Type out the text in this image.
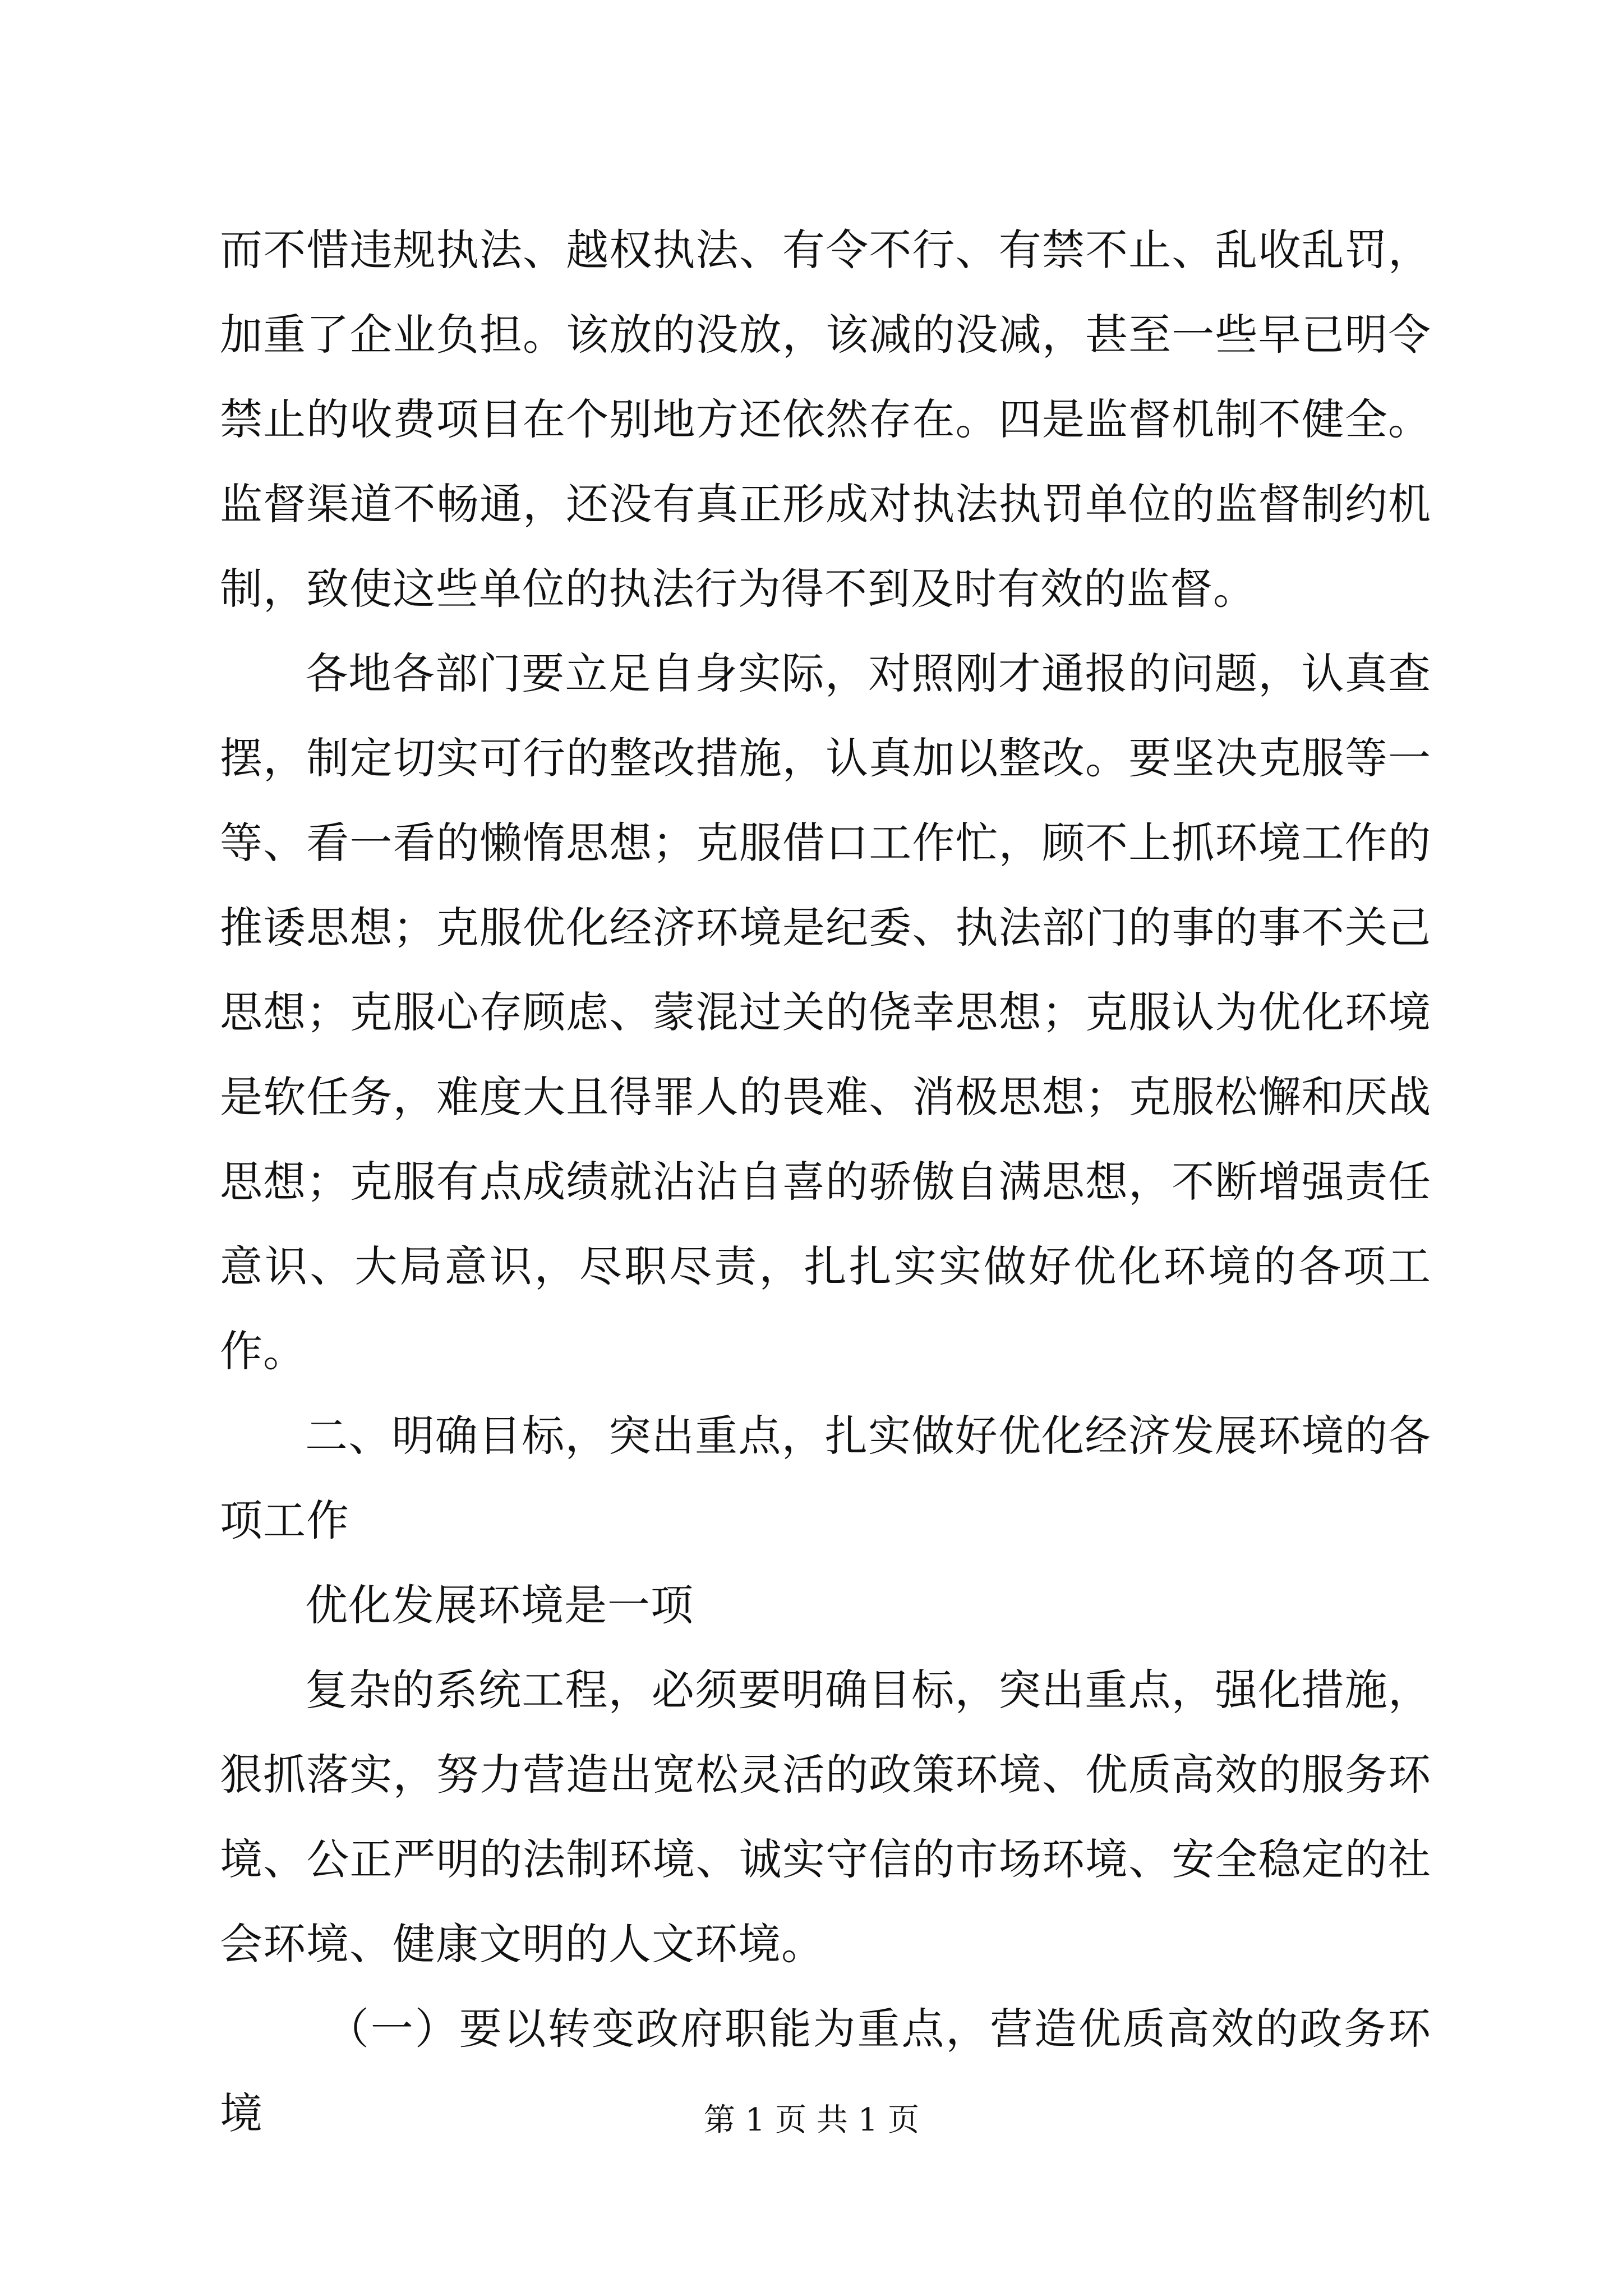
而不惜违规执法、越权执法、有令不行、有禁不止、乱收乱罚，加重了企业负担。该放的没放，该减的没减，甚至一些早已明令禁止的收费项目在个别地方还依然存在。四是监督机制不健全。监督渠道不畅通，还没有真正形成对执法执罚单位的监督制约机制，致使这些单位的执法行为得不到及时有效的监督。

各地各部门要立足自身实际，对照刚才通报的问题，认真查摆，制定切实可行的整改措施，认真加以整改。要坚决克服等一等、看一看的懒惰思想；克服借口工作忙，顾不上抓环境工作的推诿思想；克服优化经济环境是纪委、执法部门的事的事不关己思想；克服心存顾虑、蒙混过关的侥幸思想；克服认为优化环境是软任务，难度大且得罪人的畏难、消极思想；克服松懈和厌战思想；克服有点成绩就沾沾自喜的骄傲自满思想，不断增强责任意识、大局意识，尽职尽责，扎扎实实做好优化环境的各项工作。

二、明确目标，突出重点，扎实做好优化经济发展环境的各项工作

优化发展环境是一项

复杂的系统工程，必须要明确目标，突出重点，强化措施，狠抓落实，努力营造出宽松灵活的政策环境、优质高效的服务环境、公正严明的法制环境、诚实守信的市场环境、安全稳定的社会环境、健康文明的人文环境。

（一）要以转变政府职能为重点，营造优质高效的政务环境	第 1 页 共 1 页
